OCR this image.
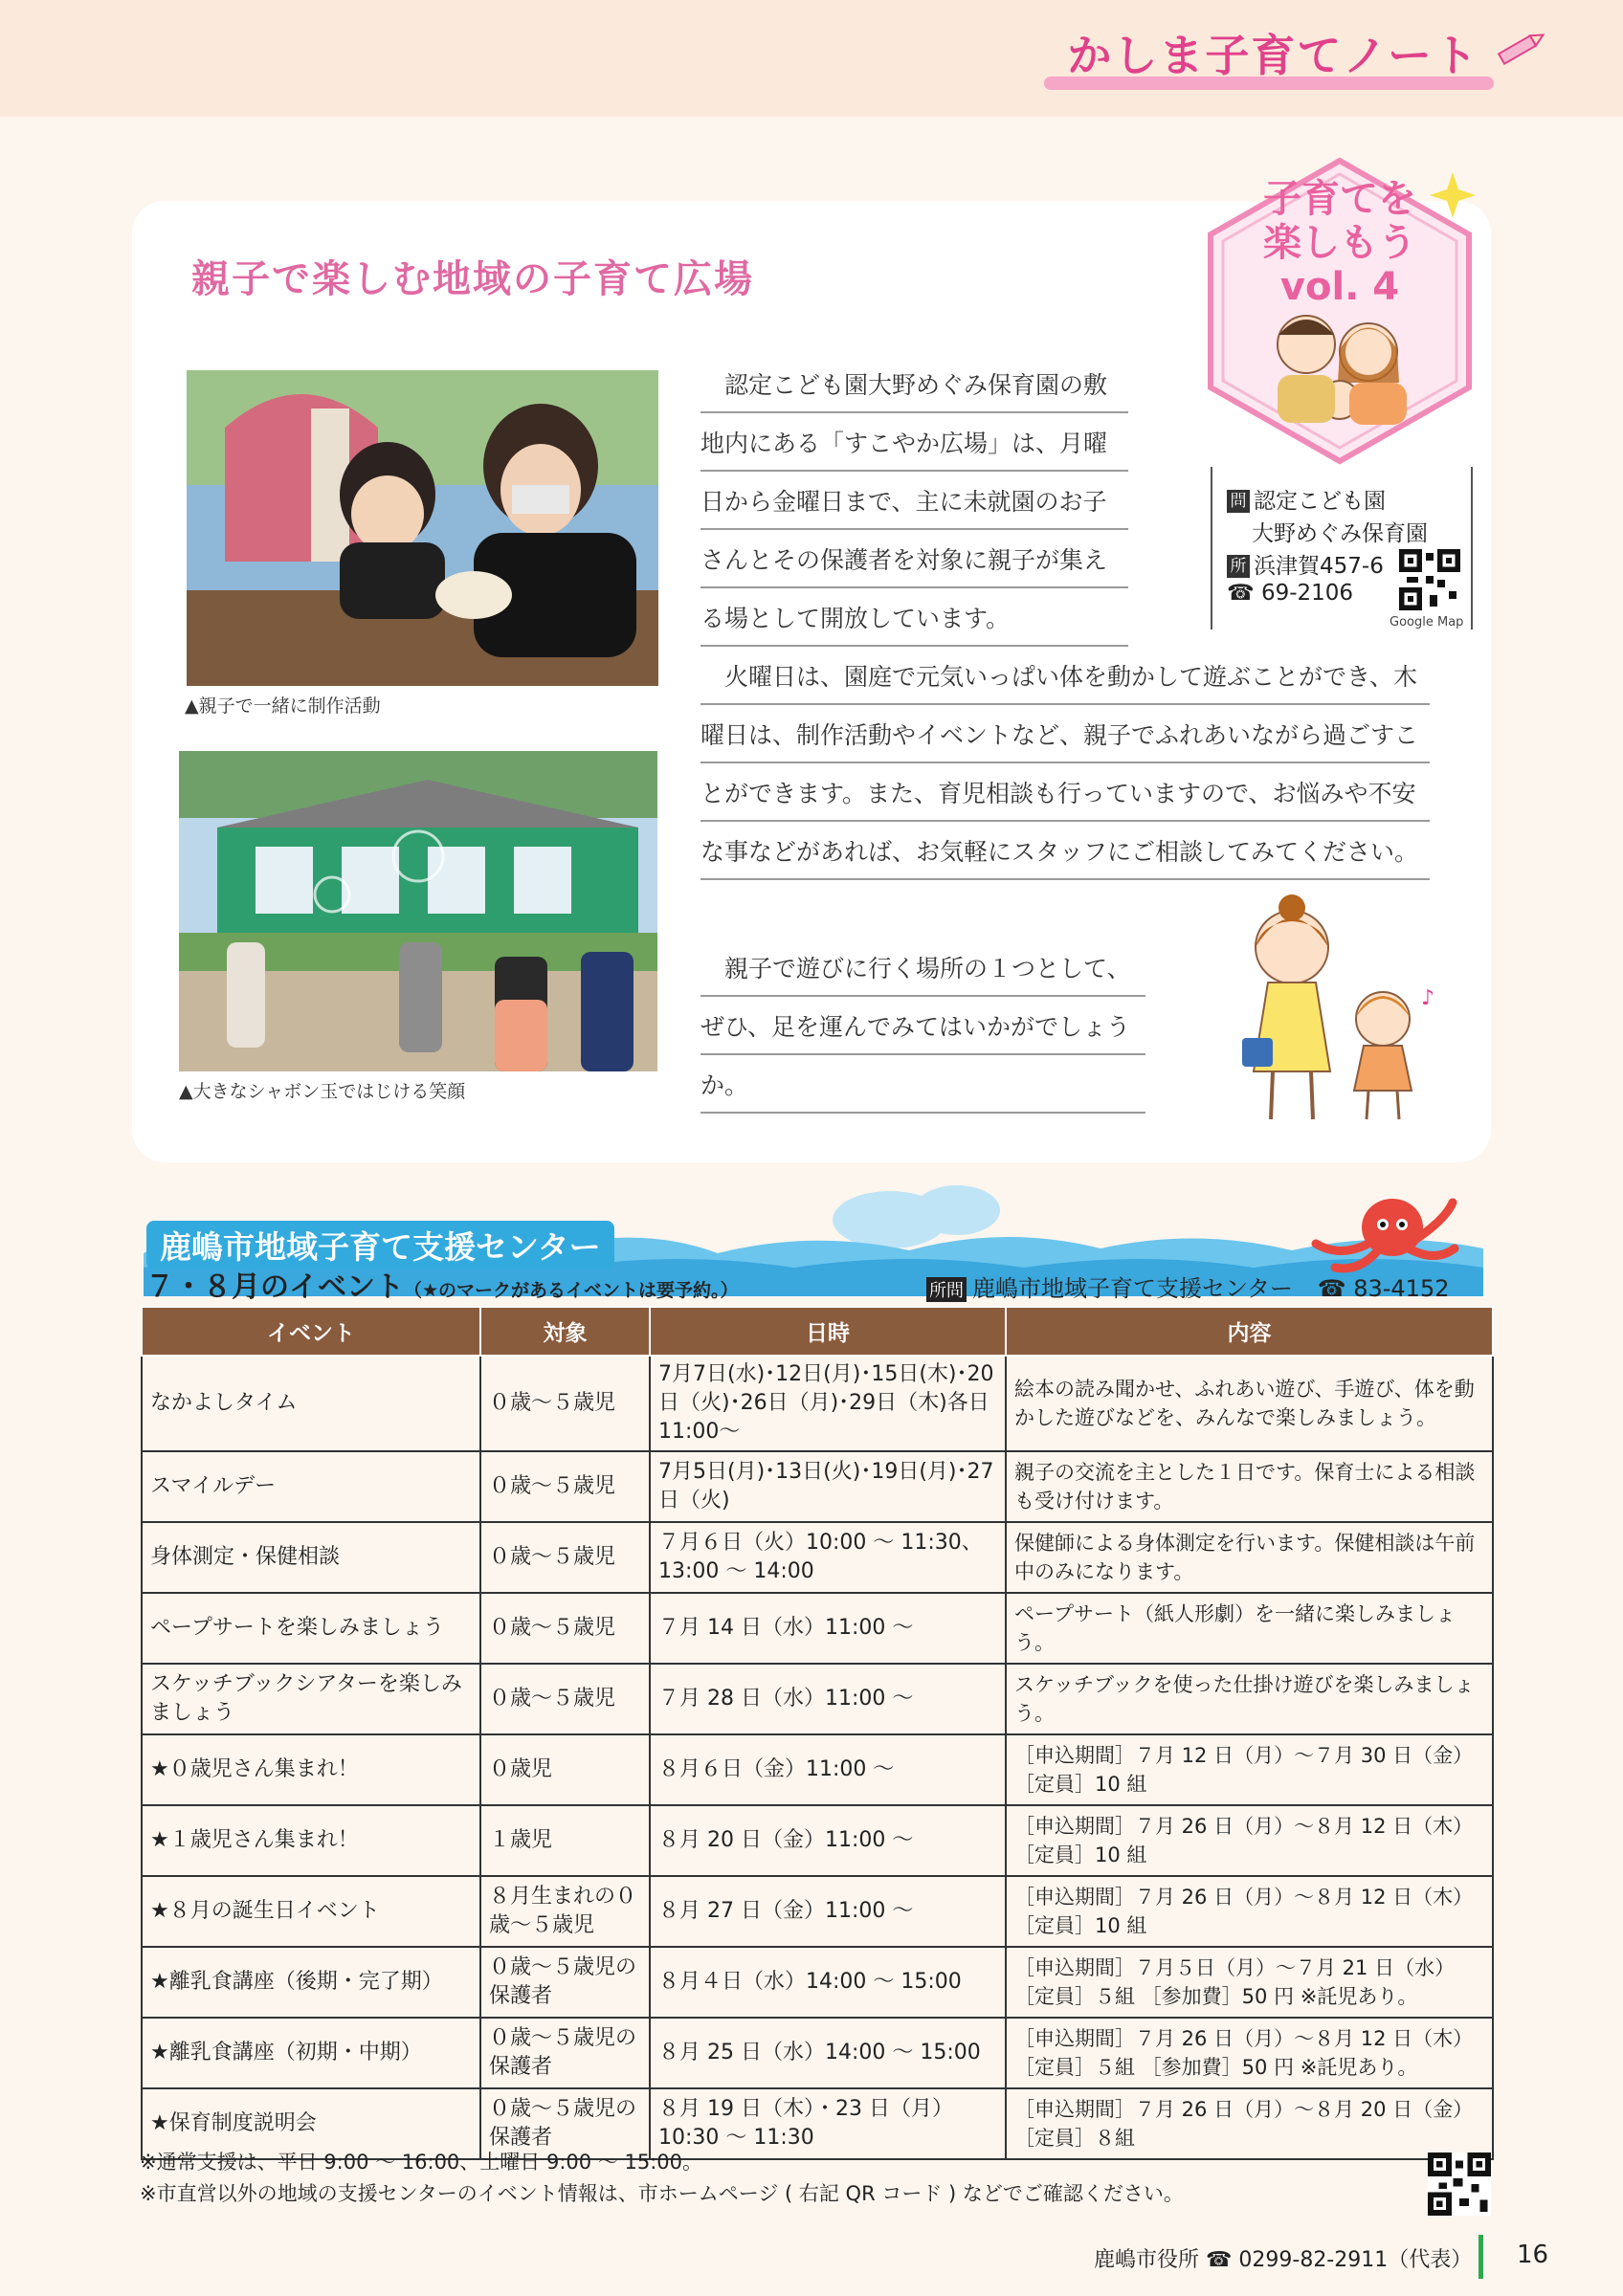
かしま子育てノート
親子で楽しむ地域の子育て広場
子育てを
楽しもう
vol. 4
▲親子で一緒に制作活動
▲大きなシャボン玉ではじける笑顔

　認定こども園大野めぐみ保育園の敷地内にある「すこやか広場」は、月曜日から金曜日まで、主に未就園のお子さんとその保護者を対象に親子が集える場として開放しています。

　火曜日は、園庭で元気いっぱい体を動かして遊ぶことができ、木曜日は、制作活動やイベントなど、親子でふれあいながら過ごすことができます。また、育児相談も行っていますので、お悩みや不安な事などがあれば、お気軽にスタッフにご相談してみてください。

　親子で遊びに行く場所の１つとして、ぜひ、足を運んでみてはいかがでしょうか。

問 認定こども園
大野めぐみ保育園
所 浜津賀457-6
☎ 69-2106
Google Map
♪
鹿嶋市地域子育て支援センター
７・８月のイベント（★のマークがあるイベントは要予約。）	所問 鹿嶋市地域子育て支援センター ☎ 83-4152
イベント	対象	日時	内容
なかよしタイム	０歳～５歳児	7月7日(水)･12日(月)･15日(木)･20日（火)･26日（月)･29日（木)各日11:00～	絵本の読み聞かせ、ふれあい遊び、手遊び、体を動かした遊びなどを、みんなで楽しみましょう。
スマイルデー	０歳～５歳児	7月5日(月)･13日(火)･19日(月)･27日（火)	親子の交流を主とした１日です。保育士による相談も受け付けます。
身体測定・保健相談	０歳～５歳児	７月６日（火）10:00 ～ 11:30、13:00 ～ 14:00	保健師による身体測定を行います。保健相談は午前中のみになります。
ペープサートを楽しみましょう	０歳～５歳児	７月 14 日（水）11:00 ～	ペープサート（紙人形劇）を一緒に楽しみましょう。
スケッチブックシアターを楽しみましょう	０歳～５歳児	７月 28 日（水）11:00 ～	スケッチブックを使った仕掛け遊びを楽しみましょう。
★０歳児さん集まれ！	０歳児	８月６日（金）11:00 ～	［申込期間］７月 12 日（月）～７月 30 日（金）［定員］10 組
★１歳児さん集まれ！	１歳児	８月 20 日（金）11:00 ～	［申込期間］７月 26 日（月）～８月 12 日（木）［定員］10 組
★８月の誕生日イベント	８月生まれの０歳～５歳児	８月 27 日（金）11:00 ～	［申込期間］７月 26 日（月）～８月 12 日（木）［定員］10 組
★離乳食講座（後期・完了期）	０歳～５歳児の保護者	８月４日（水）14:00 ～ 15:00	［申込期間］７月５日（月）～７月 21 日（水）［定員］５組 ［参加費］50 円 ※託児あり。
★離乳食講座（初期・中期）	０歳～５歳児の保護者	８月 25 日（水）14:00 ～ 15:00	［申込期間］７月 26 日（月）～８月 12 日（木）［定員］５組 ［参加費］50 円 ※託児あり。
★保育制度説明会	０歳～５歳児の保護者	８月 19 日（木）・23 日（月）10:30 ～ 11:30	［申込期間］７月 26 日（月）～８月 20 日（金）［定員］８組
※通常支援は、平日 9:00 ～ 16:00、土曜日 9:00 ～ 15:00。
※市直営以外の地域の支援センターのイベント情報は、市ホームページ ( 右記 QR コード ) などでご確認ください。
鹿嶋市役所 ☎ 0299-82-2911（代表） 16
